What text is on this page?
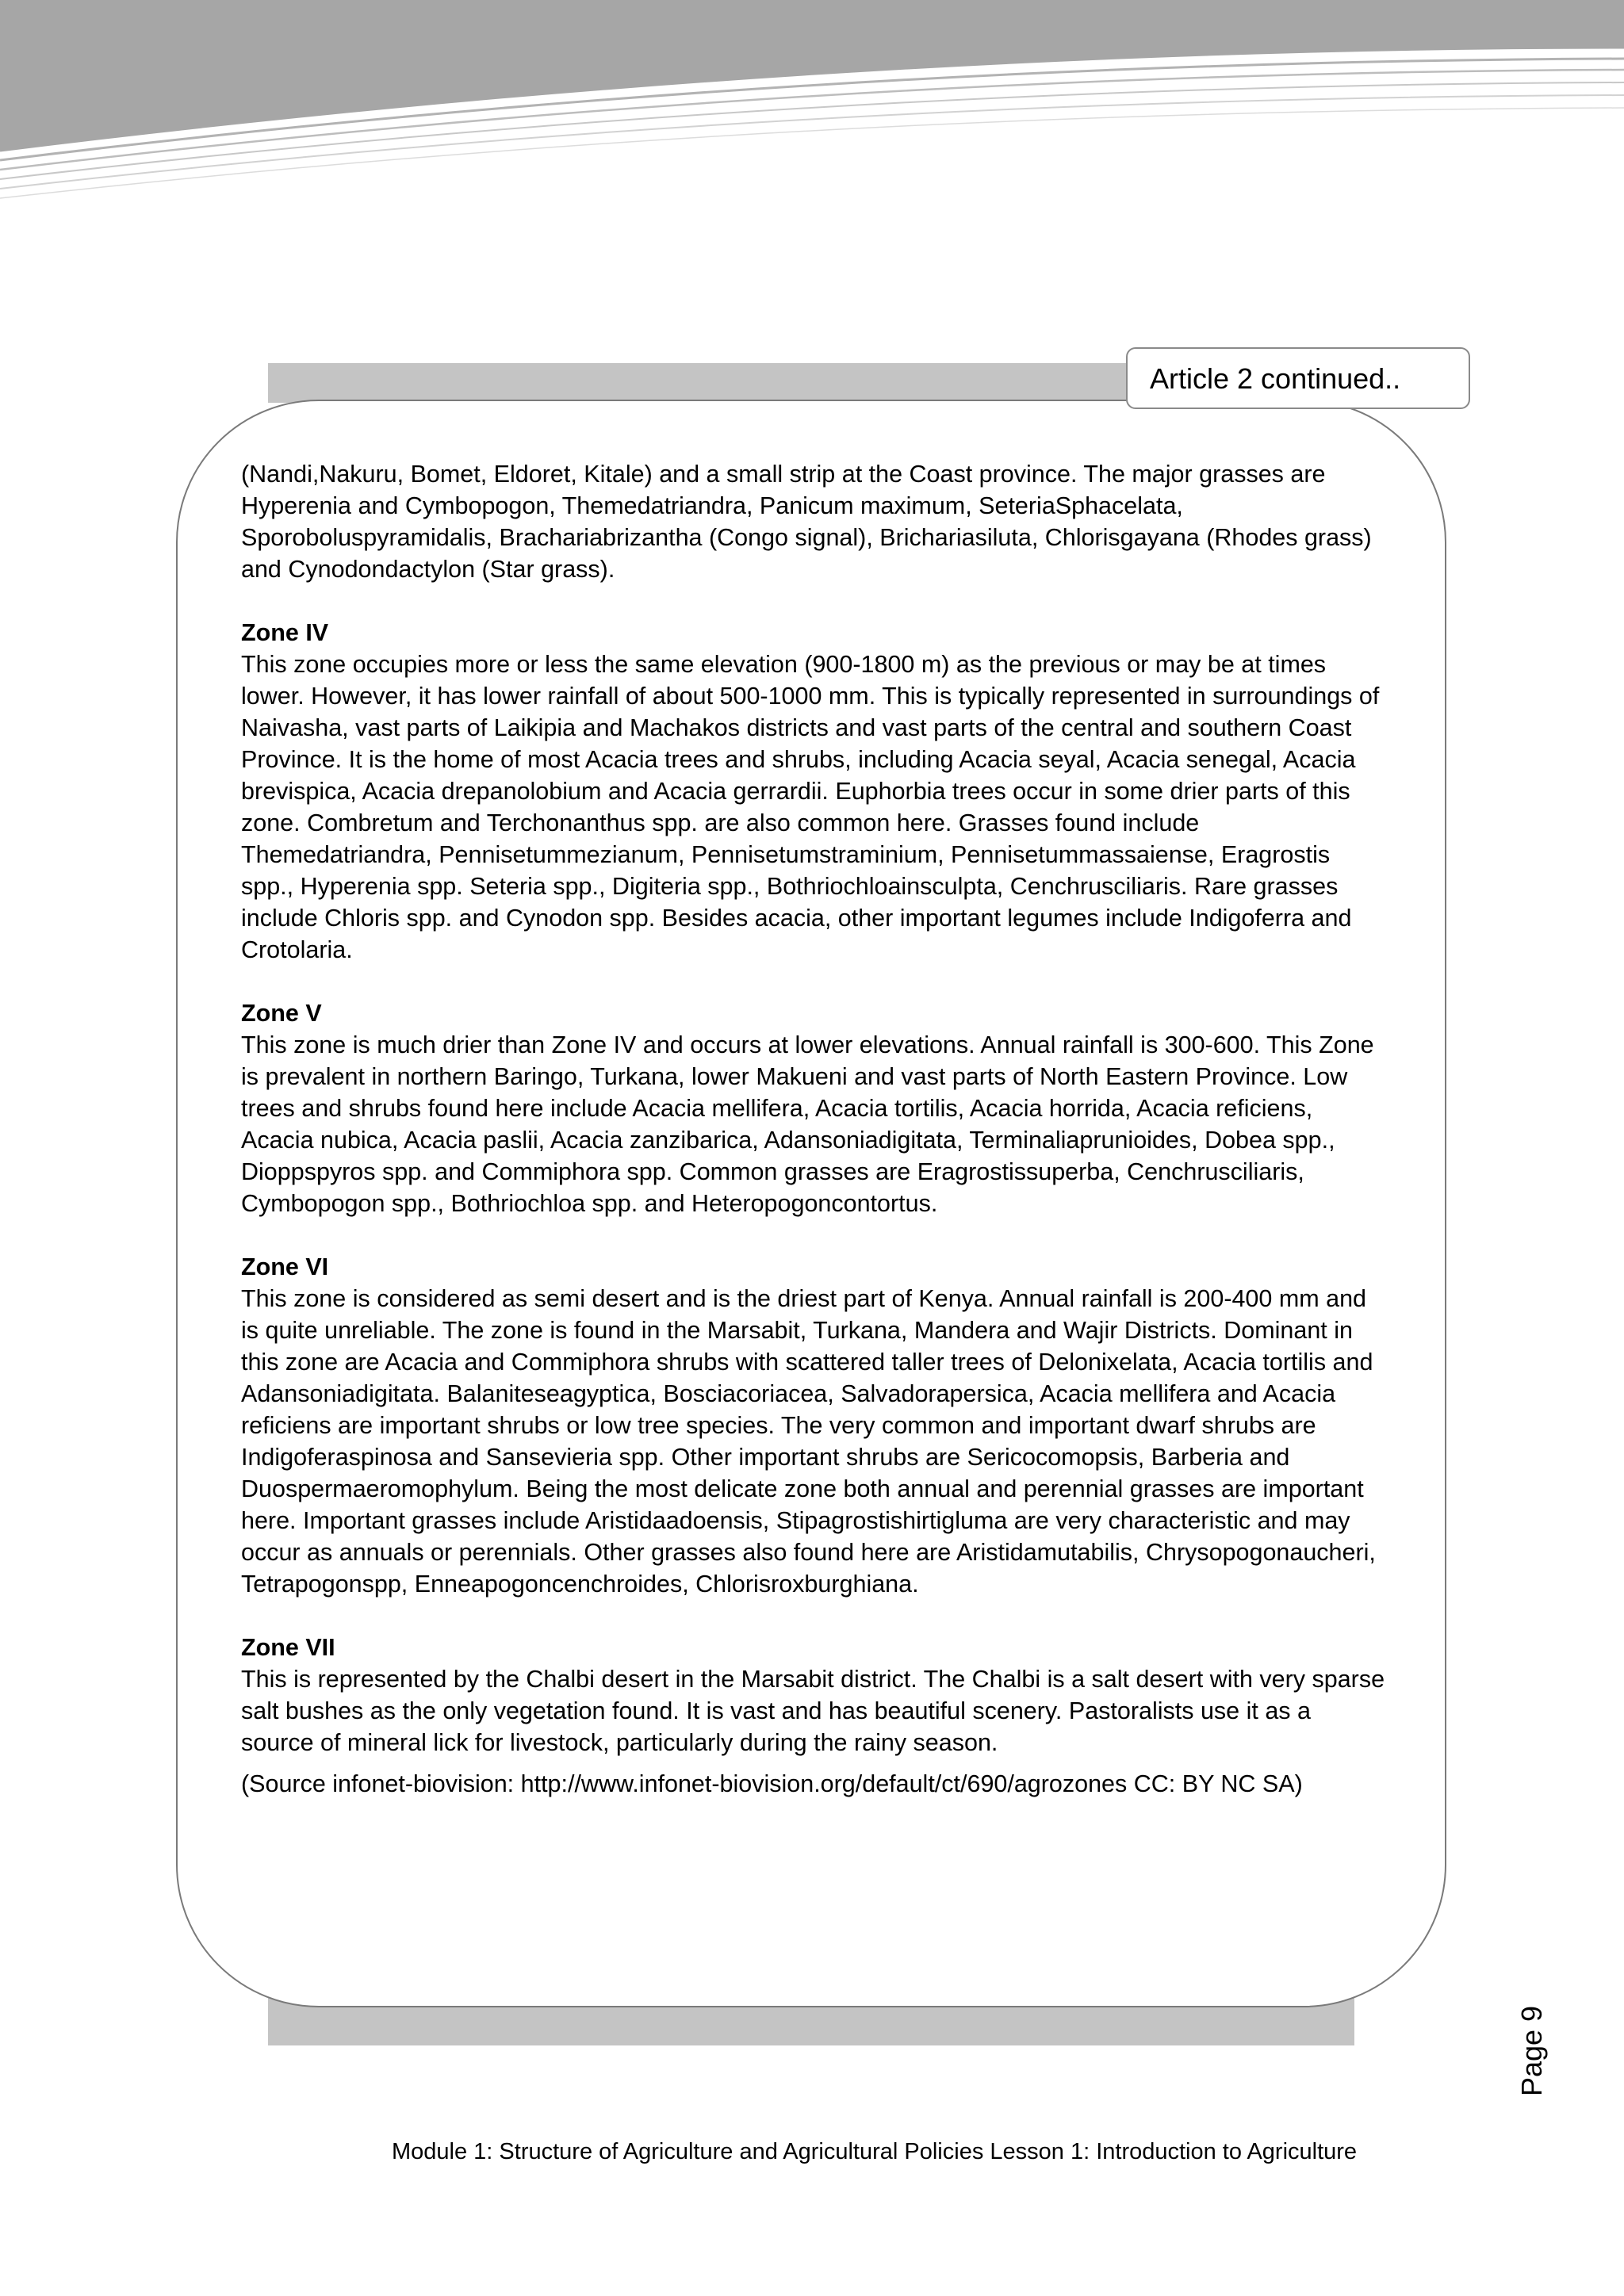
Article 2 continued..

(Nandi,Nakuru, Bomet, Eldoret, Kitale) and a small strip at the Coast province. The major grasses are Hyperenia and Cymbopogon, Themedatriandra, Panicum maximum, SeteriaSphacelata, Sporoboluspyramidalis, Brachariabrizantha (Congo signal), Brichariasiluta, Chlorisgayana (Rhodes grass) and Cynodondactylon (Star grass).

Zone IV

This zone occupies more or less the same elevation (900-1800 m) as the previous or may be at times lower. However, it has lower rainfall of about 500-1000 mm. This is typically represented in surroundings of Naivasha, vast parts of Laikipia and Machakos districts and vast parts of the central and southern Coast Province. It is the home of most Acacia trees and shrubs, including Acacia seyal, Acacia senegal, Acacia brevispica, Acacia drepanolobium and Acacia gerrardii. Euphorbia trees occur in some drier parts of this zone. Combretum and Terchonanthus spp. are also common here. Grasses found include Themedatriandra, Pennisetummezianum, Pennisetumstraminium, Pennisetummassaiense, Eragrostis spp., Hyperenia spp. Seteria spp., Digiteria spp., Bothriochloainsculpta, Cenchrusciliaris. Rare grasses include Chloris spp. and Cynodon spp. Besides acacia, other important legumes include Indigoferra and Crotolaria.

Zone V

This zone is much drier than Zone IV and occurs at lower elevations. Annual rainfall is 300-600. This Zone is prevalent in northern Baringo, Turkana, lower Makueni and vast parts of North Eastern Province. Low trees and shrubs found here include Acacia mellifera, Acacia tortilis, Acacia horrida, Acacia reficiens, Acacia nubica, Acacia paslii, Acacia zanzibarica, Adansoniadigitata, Terminaliaprunioides, Dobea spp., Dioppspyros spp. and Commiphora spp. Common grasses are Eragrostissuperba, Cenchrusciliaris, Cymbopogon spp., Bothriochloa spp. and Heteropogoncontortus.

Zone VI

This zone is considered as semi desert and is the driest part of Kenya. Annual rainfall is 200-400 mm and is quite unreliable. The zone is found in the Marsabit, Turkana, Mandera and Wajir Districts. Dominant in this zone are Acacia and Commiphora shrubs with scattered taller trees of Delonixelata, Acacia tortilis and Adansoniadigitata. Balaniteseagyptica, Bosciacoriacea, Salvadorapersica, Acacia mellifera and Acacia reficiens are important shrubs or low tree species. The very common and important dwarf shrubs are Indigoferaspinosa and Sansevieria spp. Other important shrubs are Sericocomopsis, Barberia and Duospermaeromophylum. Being the most delicate zone both annual and perennial grasses are important here. Important grasses include Aristidaadoensis, Stipagrostishirtigluma are very characteristic and may occur as annuals or perennials. Other grasses also found here are Aristidamutabilis, Chrysopogonaucheri, Tetrapogonspp, Enneapogoncenchroides, Chlorisroxburghiana.

Zone VII

This is represented by the Chalbi desert in the Marsabit district. The Chalbi is a salt desert with very sparse salt bushes as the only vegetation found. It is vast and has beautiful scenery. Pastoralists use it as a source of mineral lick for livestock, particularly during the rainy season.

(Source infonet-biovision: http://www.infonet-biovision.org/default/ct/690/agrozones CC: BY NC SA)

Page 9
Module 1: Structure of Agriculture and Agricultural Policies Lesson 1: Introduction to Agriculture
